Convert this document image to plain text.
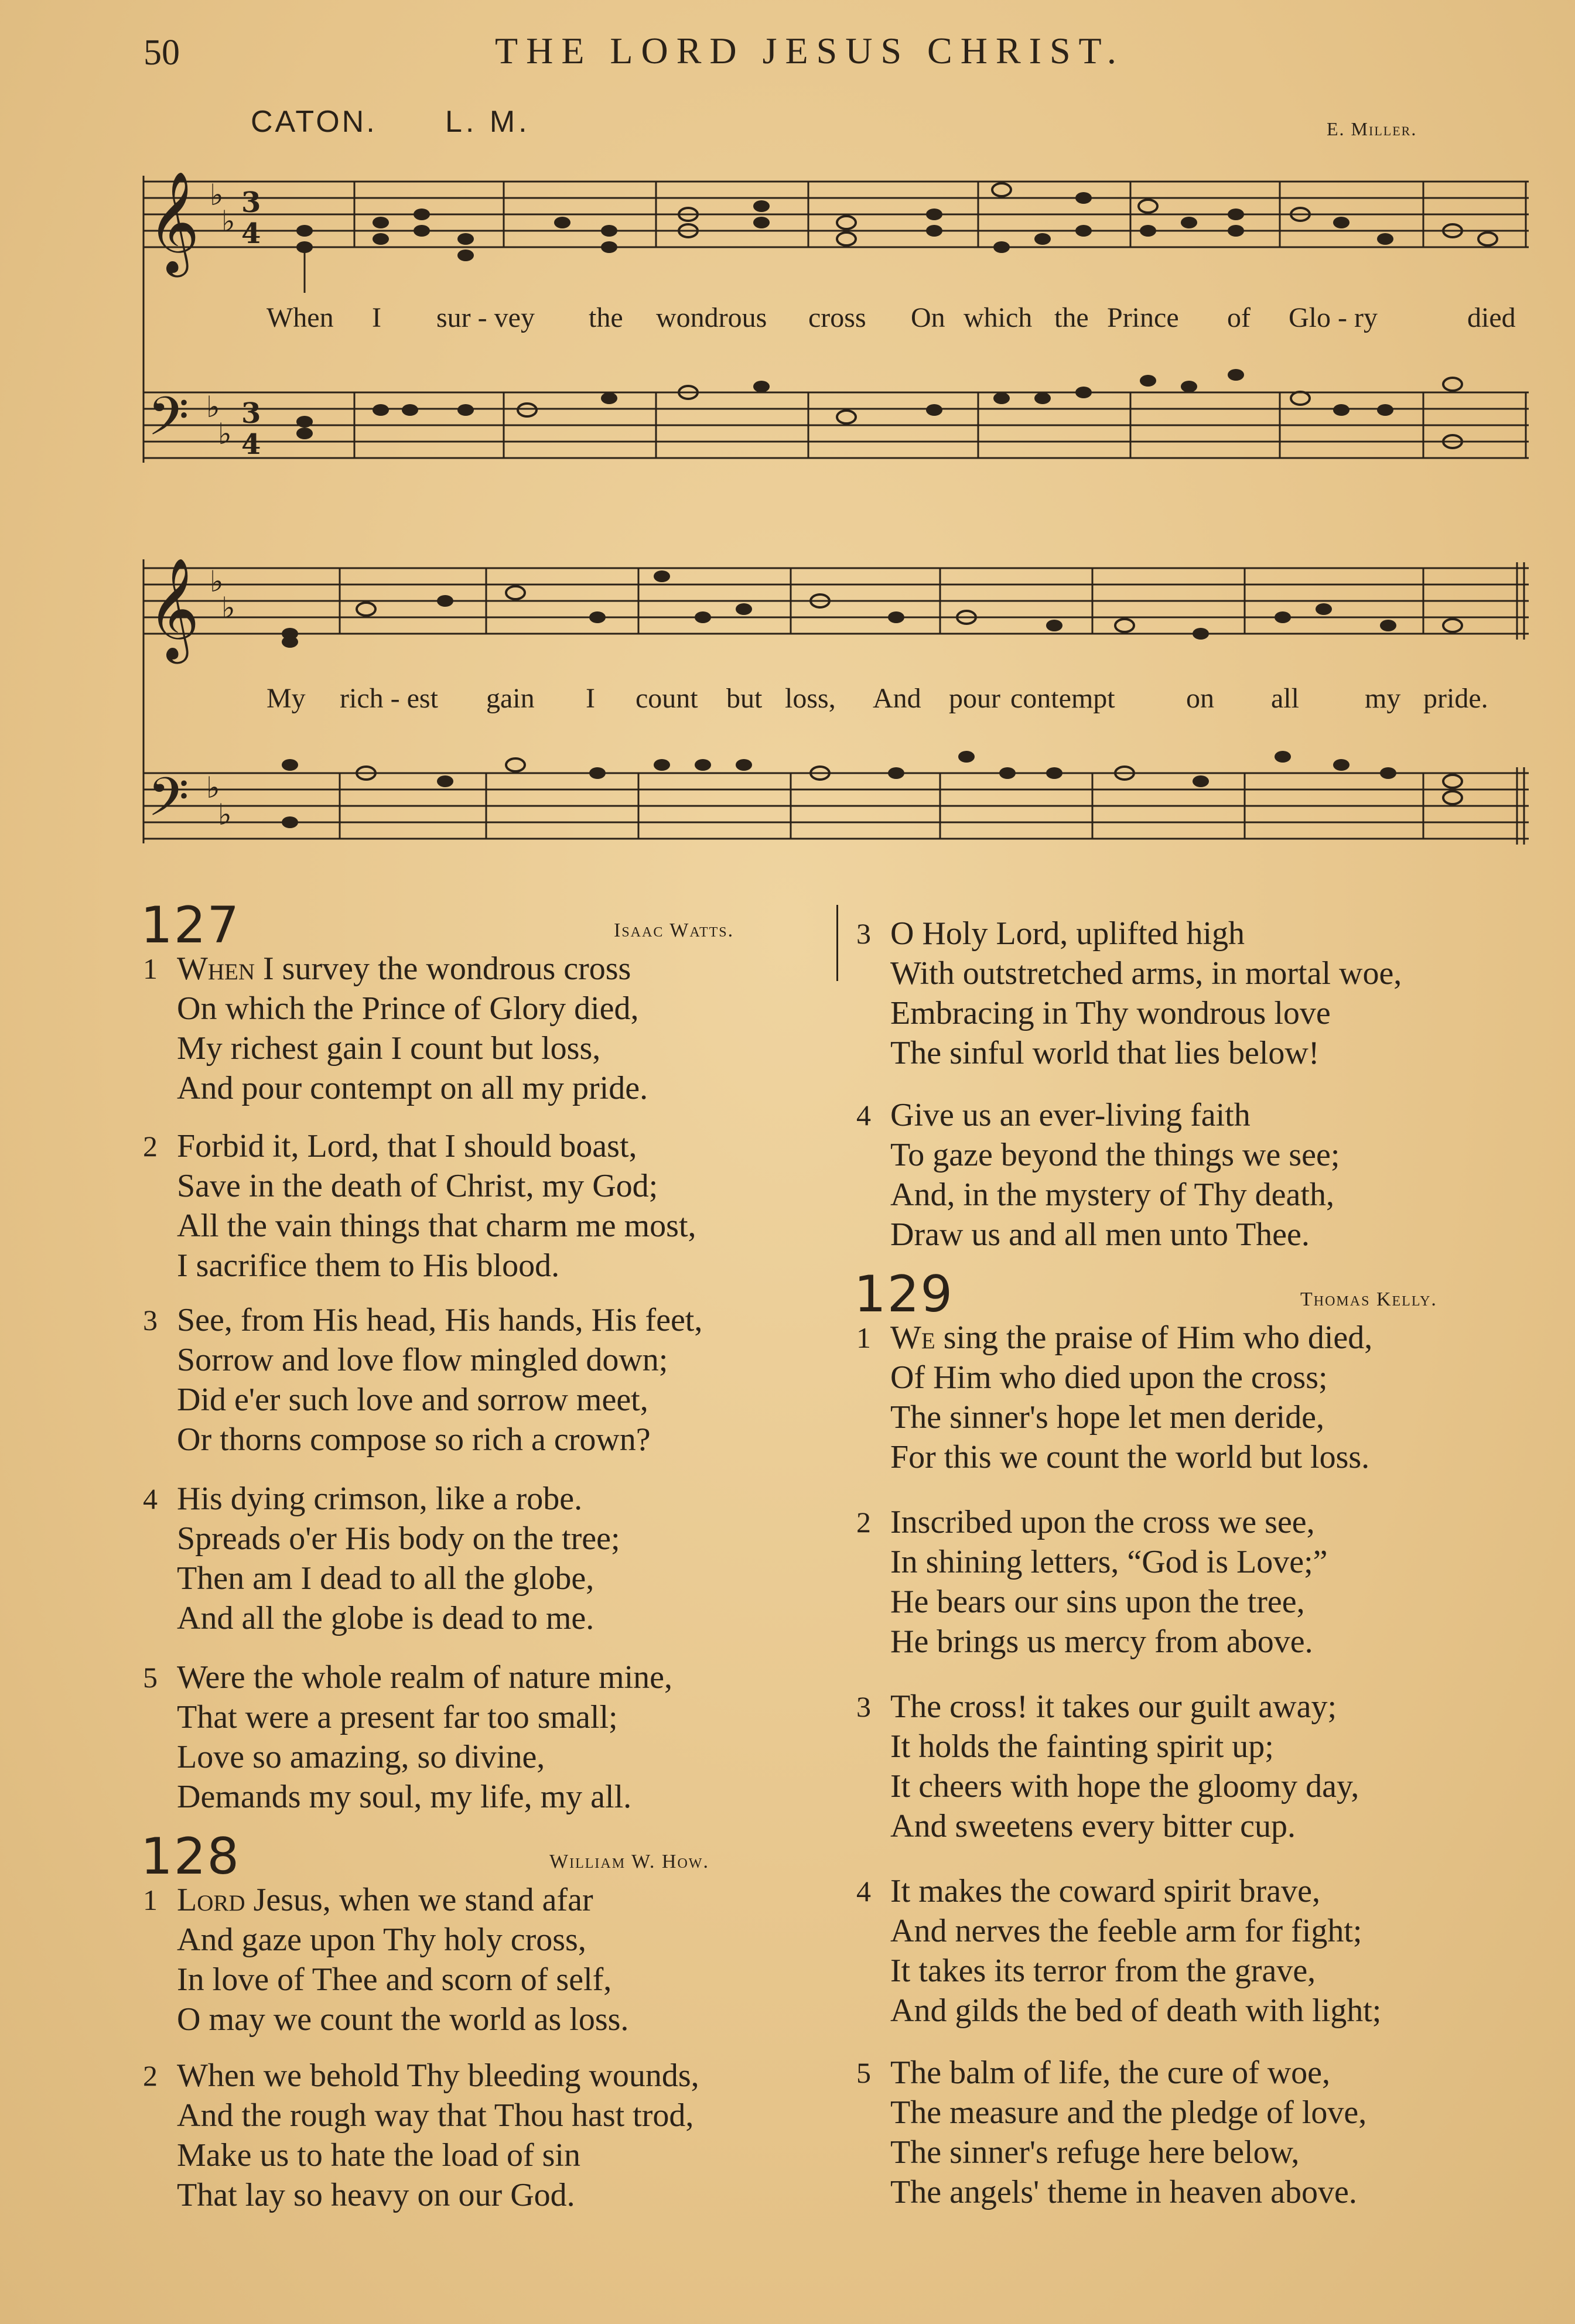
50	THE LORD JESUS CHRIST.
CATON. L. M.	E. Miller.
𝄞 ♭
♭
3
4
𝄢 ♭
♭
3
4
When I sur - vey the wondrous cross On which the Prince of Glo - ry	died
𝄞 ♭
♭
𝄢 ♭
♭
My rich - est gain I count but loss, And pour contempt	on all my pride.
127	Isaac Watts.
1 When I survey the wondrous cross
On which the Prince of Glory died,
My richest gain I count but loss,
And pour contempt on all my pride.
2 Forbid it, Lord, that I should boast,
Save in the death of Christ, my God;
All the vain things that charm me most,
I sacrifice them to His blood.
3 See, from His head, His hands, His feet,
Sorrow and love flow mingled down;
Did e'er such love and sorrow meet,
Or thorns compose so rich a crown?
4 His dying crimson, like a robe.
Spreads o'er His body on the tree;
Then am I dead to all the globe,
And all the globe is dead to me.
5 Were the whole realm of nature mine,
That were a present far too small;
Love so amazing, so divine,
Demands my soul, my life, my all.
128	William W. How.
1 Lord Jesus, when we stand afar
And gaze upon Thy holy cross,
In love of Thee and scorn of self,
O may we count the world as loss.
2 When we behold Thy bleeding wounds,
And the rough way that Thou hast trod,
Make us to hate the load of sin
That lay so heavy on our God.
3 O Holy Lord, uplifted high
With outstretched arms, in mortal woe,
Embracing in Thy wondrous love
The sinful world that lies below!
4 Give us an ever-living faith
To gaze beyond the things we see;
And, in the mystery of Thy death,
Draw us and all men unto Thee.
129	Thomas Kelly.
1 We sing the praise of Him who died,
Of Him who died upon the cross;
The sinner's hope let men deride,
For this we count the world but loss.
2 Inscribed upon the cross we see,
In shining letters, “God is Love;”
He bears our sins upon the tree,
He brings us mercy from above.
3 The cross! it takes our guilt away;
It holds the fainting spirit up;
It cheers with hope the gloomy day,
And sweetens every bitter cup.
4 It makes the coward spirit brave,
And nerves the feeble arm for fight;
It takes its terror from the grave,
And gilds the bed of death with light;
5 The balm of life, the cure of woe,
The measure and the pledge of love,
The sinner's refuge here below,
The angels' theme in heaven above.
